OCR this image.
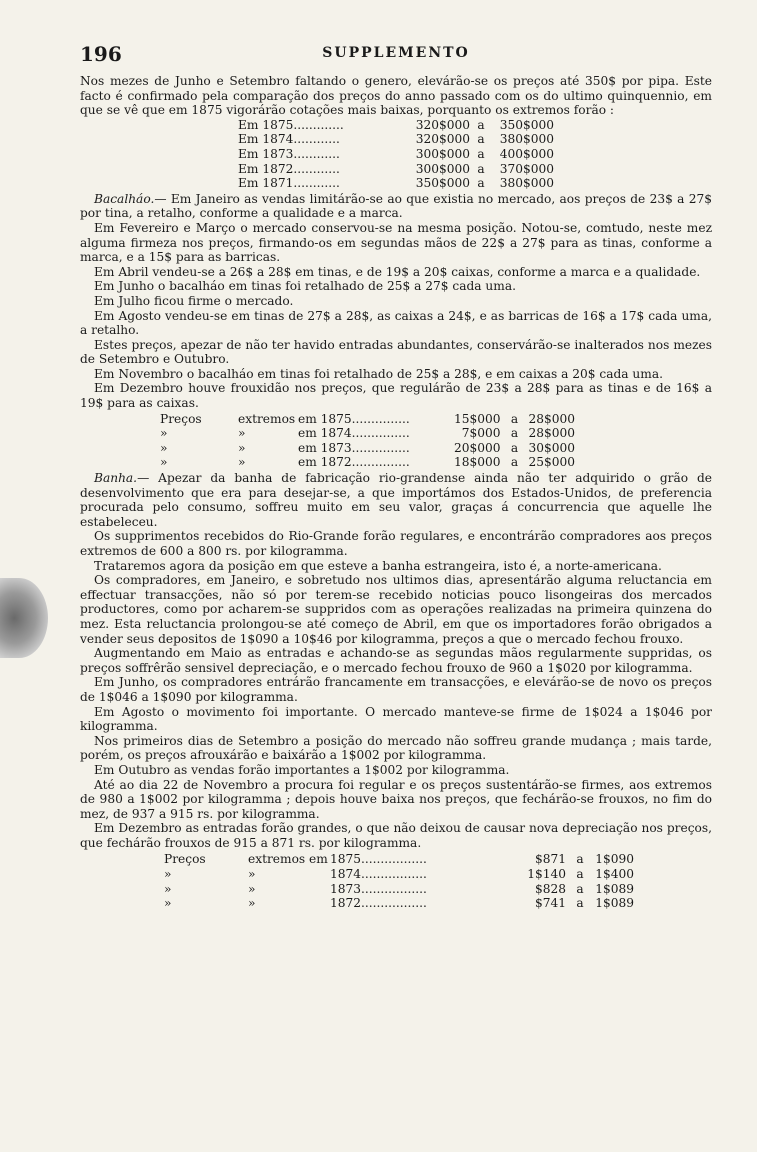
196	SUPPLEMENTO

Nos mezes de Junho e Setembro faltando o genero, elevárão-se os preços até 350$ por pipa. Este facto é confirmado pela comparação dos preços do anno passado com os do ultimo quinquennio, em que se vê que em 1875 vigorárão cotações mais baixas, porquanto os extremos forão :

Em 1875.............	320$000	a	350$000
Em 1874............	320$000	a	380$000
Em 1873............	300$000	a	400$000
Em 1872............	300$000	a	370$000
Em 1871............	350$000	a	380$000

Bacalháo.— Em Janeiro as vendas limitárão-se ao que existia no mercado, aos preços de 23$ a 27$ por tina, a retalho, conforme a qualidade e a marca.

Em Fevereiro e Março o mercado conservou-se na mesma posição. Notou-se, comtudo, neste mez alguma firmeza nos preços, firmando-os em segundas mãos de 22$ a 27$ para as tinas, conforme a marca, e a 15$ para as barricas.

Em Abril vendeu-se a 26$ a 28$ em tinas, e de 19$ a 20$ caixas, conforme a marca e a qualidade.

Em Junho o bacalháo em tinas foi retalhado de 25$ a 27$ cada uma.

Em Julho ficou firme o mercado.

Em Agosto vendeu-se em tinas de 27$ a 28$, as caixas a 24$, e as barricas de 16$ a 17$ cada uma, a retalho.

Estes preços, apezar de não ter havido entradas abundantes, conservárão-se inalterados nos mezes de Setembro e Outubro.

Em Novembro o bacalháo em tinas foi retalhado de 25$ a 28$, e em caixas a 20$ cada uma.

Em Dezembro houve frouxidão nos preços, que regulárão de 23$ a 28$ para as tinas e de 16$ a 19$ para as caixas.

Preços	extremos	em 1875...............	15$000	a	28$000
»	»	em 1874...............	7$000	a	28$000
»	»	em 1873...............	20$000	a	30$000
»	»	em 1872...............	18$000	a	25$000

Banha.— Apezar da banha de fabricação rio-grandense ainda não ter adquirido o grão de desenvolvimento que era para desejar-se, a que importámos dos Estados-Unidos, de preferencia procurada pelo consumo, soffreu muito em seu valor, graças á concurrencia que aquelle lhe estabeleceu.

Os supprimentos recebidos do Rio-Grande forão regulares, e encontrárão compradores aos preços extremos de 600 a 800 rs. por kilogramma.

Trataremos agora da posição em que esteve a banha estrangeira, isto é, a norte-americana.

Os compradores, em Janeiro, e sobretudo nos ultimos dias, apresentárão alguma reluctancia em effectuar transacções, não só por terem-se recebido noticias pouco lisongeiras dos mercados productores, como por acharem-se suppridos com as operações realizadas na primeira quinzena do mez. Esta reluctancia prolongou-se até começo de Abril, em que os importadores forão obrigados a vender seus depositos de 1$090 a 10$46 por kilogramma, preços a que o mercado fechou frouxo.

Augmentando em Maio as entradas e achando-se as segundas mãos regularmente suppridas, os preços soffrêrão sensivel depreciação, e o mercado fechou frouxo de 960 a 1$020 por kilogramma.

Em Junho, os compradores entrárão francamente em transacções, e elevárão-se de novo os preços de 1$046 a 1$090 por kilogramma.

Em Agosto o movimento foi importante. O mercado manteve-se firme de 1$024 a 1$046 por kilogramma.

Nos primeiros dias de Setembro a posição do mercado não soffreu grande mudança ; mais tarde, porém, os preços afrouxárão e baixárão a 1$002 por kilogramma.

Em Outubro as vendas forão importantes a 1$002 por kilogramma.

Até ao dia 22 de Novembro a procura foi regular e os preços sustentárão-se firmes, aos extremos de 980 a 1$002 por kilogramma ; depois houve baixa nos preços, que fechárão-se frouxos, no fim do mez, de 937 a 915 rs. por kilogramma.

Em Dezembro as entradas forão grandes, o que não deixou de causar nova depreciação nos preços, que fechárão frouxos de 915 a 871 rs. por kilogramma.

Preços	extremos em	1875.................	$871	a	1$090
»	»	1874.................	1$140	a	1$400
»	»	1873.................	$828	a	1$089
»	»	1872.................	$741	a	1$089
